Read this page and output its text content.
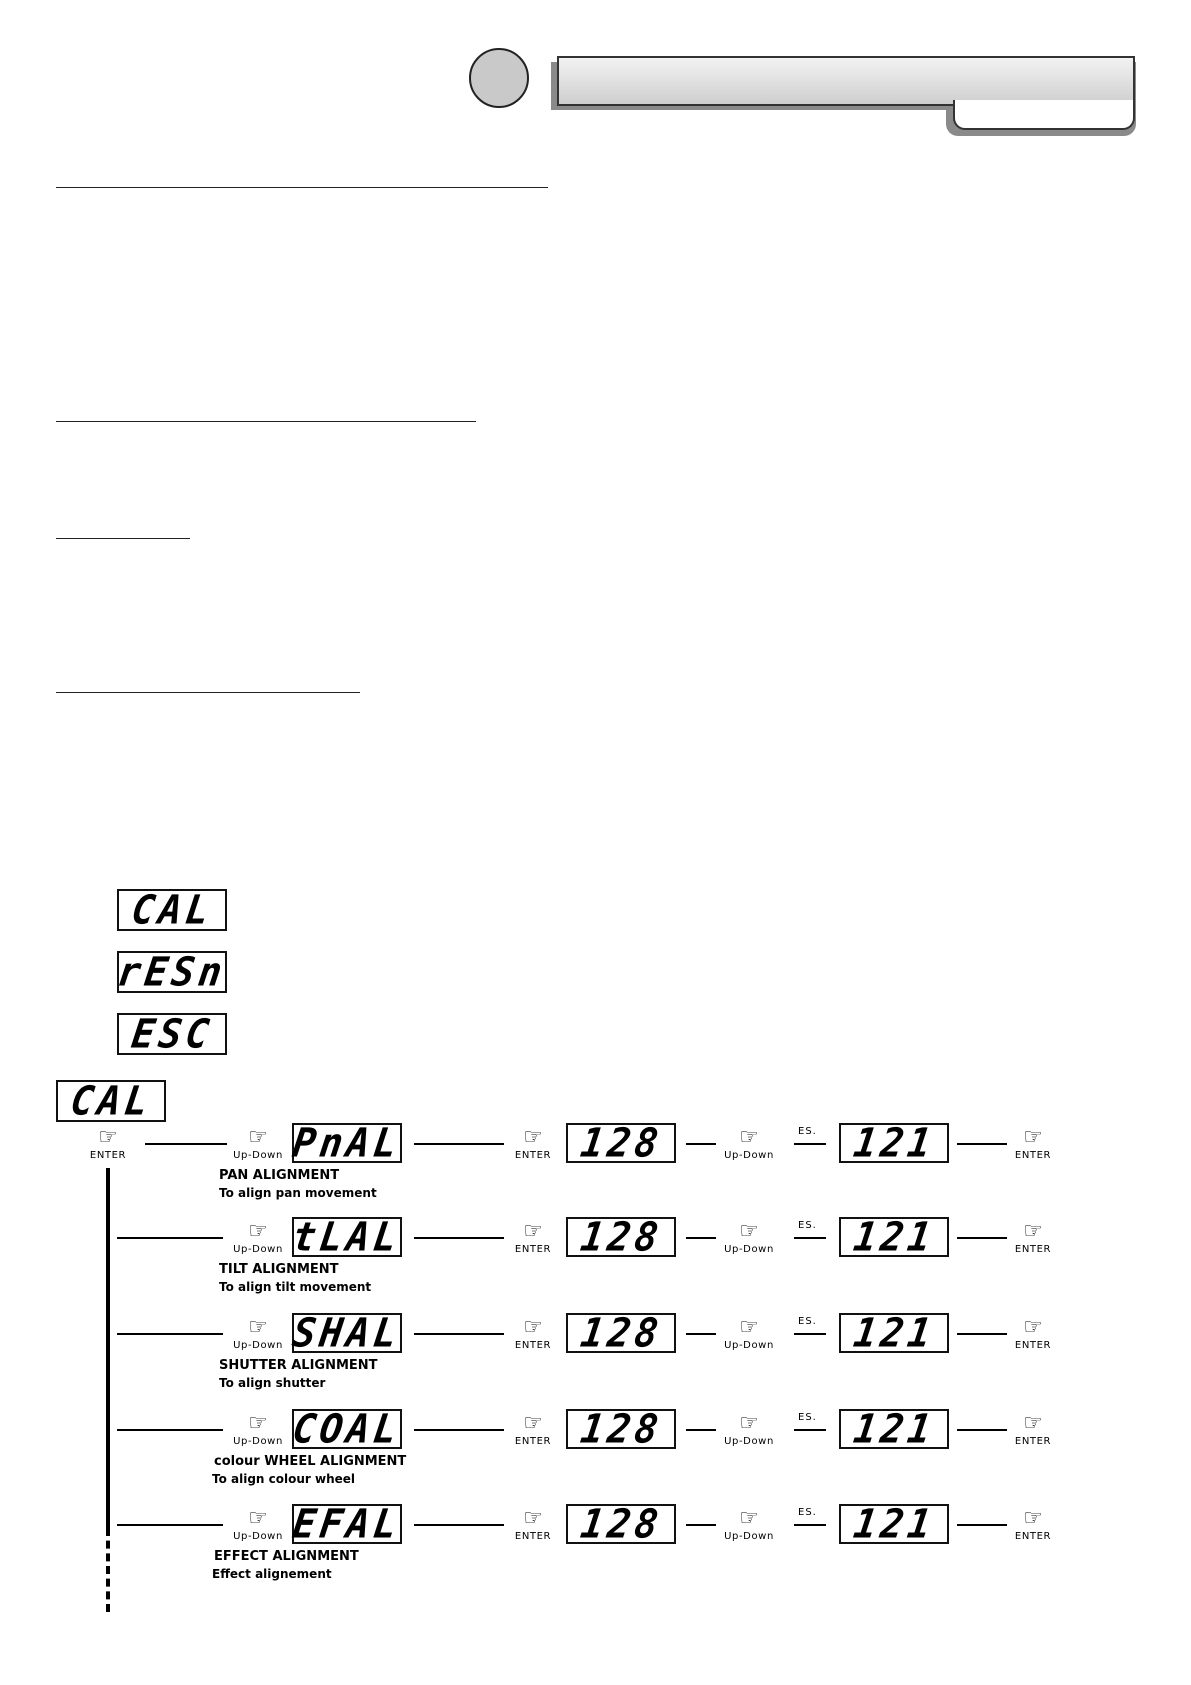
CAL
rESn
ESC
CAL
☞
ENTER
☞
Up-Down PnAL	☞
ENTER 128	☞
Up-Down
ES. 121	☞
ENTER
PAN ALIGNMENT
To align pan movement
☞
Up-Down tLAL	☞
ENTER 128	☞
Up-Down
ES. 121	☞
ENTER
TILT ALIGNMENT
To align tilt movement
☞
Up-Down SHAL	☞
ENTER 128	☞
Up-Down
ES. 121	☞
ENTER
SHUTTER ALIGNMENT
To align shutter
☞
Up-Down COAL	☞
ENTER 128	☞
Up-Down
ES. 121	☞
ENTER
colour WHEEL ALIGNMENT
To align colour wheel
☞
Up-Down EFAL	☞
ENTER 128	☞
Up-Down
ES. 121	☞
ENTER
EFFECT ALIGNMENT
Effect alignement
